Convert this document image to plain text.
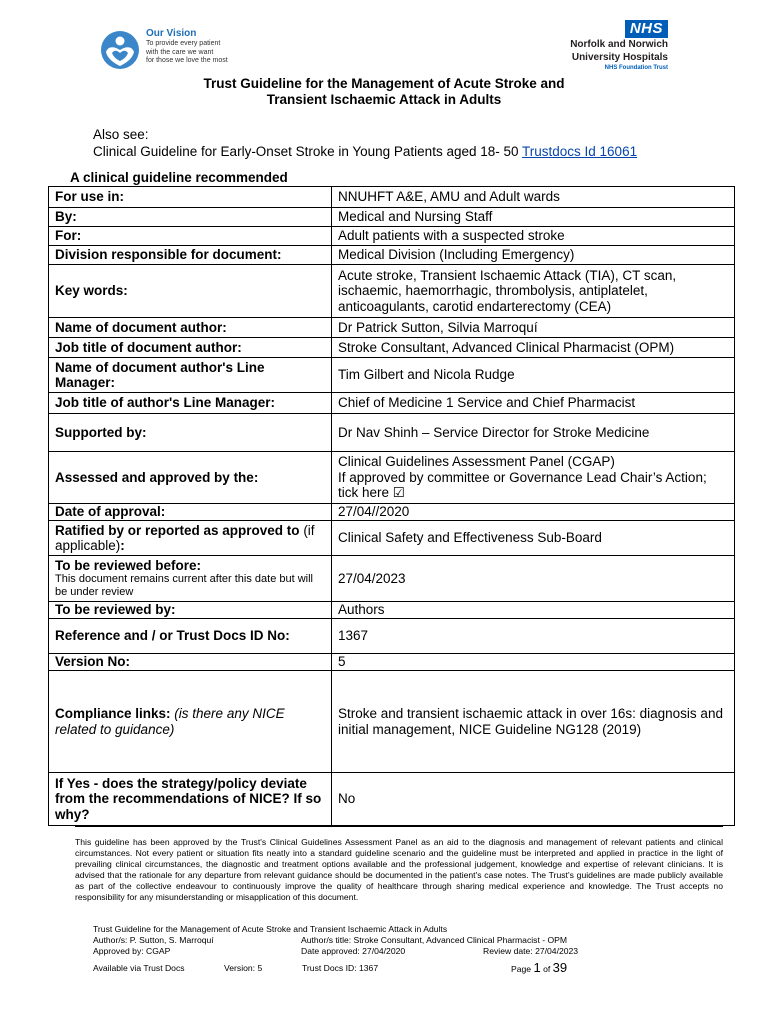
Our Vision
To provide every patient
with the care we want
for those we love the most
NHS
Norfolk and Norwich
University Hospitals
NHS Foundation Trust
Trust Guideline for the Management of Acute Stroke and
Transient Ischaemic Attack in Adults
Also see:
Clinical Guideline for Early-Onset Stroke in Young Patients aged 18- 50 Trustdocs Id 16061
A clinical guideline recommended
For use in:	NNUHFT A&E, AMU and Adult wards
By:	Medical and Nursing Staff
For:	Adult patients with a suspected stroke
Division responsible for document:	Medical Division (Including Emergency)
Key words:	Acute stroke, Transient Ischaemic Attack (TIA), CT scan, ischaemic, haemorrhagic, thrombolysis, antiplatelet, anticoagulants, carotid endarterectomy (CEA)
Name of document author:	Dr Patrick Sutton, Silvia Marroquí
Job title of document author:	Stroke Consultant, Advanced Clinical Pharmacist (OPM)
Name of document author's Line Manager:	Tim Gilbert and Nicola Rudge
Job title of author's Line Manager:	Chief of Medicine 1 Service and Chief Pharmacist
Supported by:	Dr Nav Shinh – Service Director for Stroke Medicine
Assessed and approved by the:	Clinical Guidelines Assessment Panel (CGAP)
If approved by committee or Governance Lead Chair’s Action; tick here ☑

Date of approval:	27/04//2020
Ratified by or reported as approved to (if applicable):	Clinical Safety and Effectiveness Sub-Board
To be reviewed before:
This document remains current after this date but will be under review	27/04/2023
To be reviewed by:	Authors
Reference and / or Trust Docs ID No:	1367
Version No:	5
Compliance links: (is there any NICE related to guidance)	Stroke and transient ischaemic attack in over 16s: diagnosis and initial management, NICE Guideline NG128 (2019)
If Yes - does the strategy/policy deviate from the recommendations of NICE? If so why?	No
This guideline has been approved by the Trust's Clinical Guidelines Assessment Panel as an aid to the diagnosis and management of relevant patients and clinical circumstances. Not every patient or situation fits neatly into a standard guideline scenario and the guideline must be interpreted and applied in practice in the light of prevailing clinical circumstances, the diagnostic and treatment options available and the professional judgement, knowledge and expertise of relevant clinicians. It is advised that the rationale for any departure from relevant guidance should be documented in the patient's case notes. The Trust's guidelines are made publicly available as part of the collective endeavour to continuously improve the quality of healthcare through sharing medical experience and knowledge. The Trust accepts no responsibility for any misunderstanding or misapplication of this document.
Trust Guideline for the Management of Acute Stroke and Transient Ischaemic Attack in Adults
Author/s: P. Sutton, S. Marroquí	Author/s title: Stroke Consultant, Advanced Clinical Pharmacist - OPM
Approved by: CGAP	Date approved: 27/04/2020	Review date: 27/04/2023
Available via Trust Docs	Version: 5	Trust Docs ID: 1367	Page 1 of 39
